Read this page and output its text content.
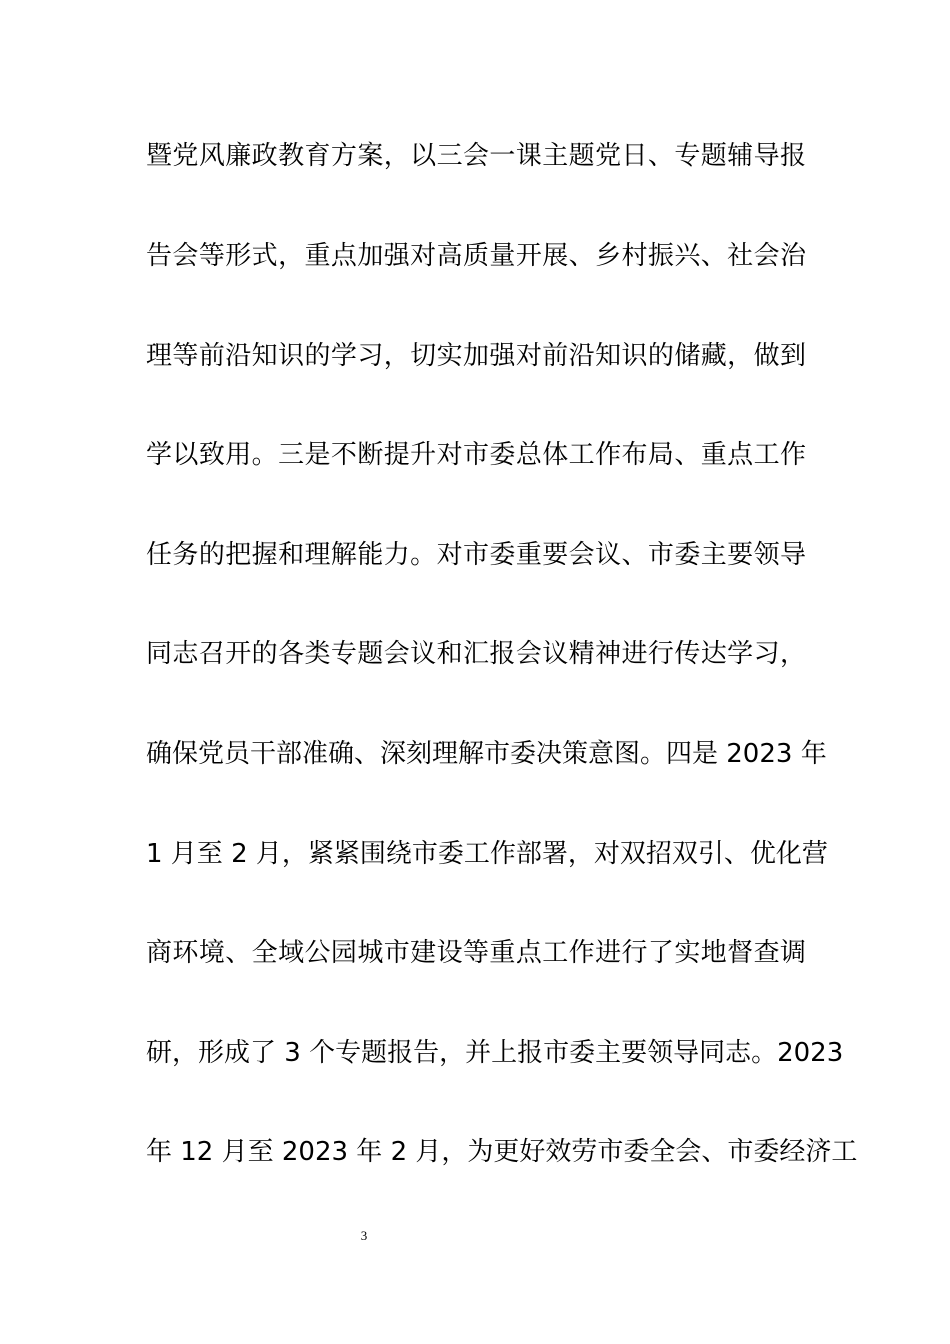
暨党风廉政教育方案，以三会一课主题党日、专题辅导报
告会等形式，重点加强对高质量开展、乡村振兴、社会治
理等前沿知识的学习，切实加强对前沿知识的储藏，做到
学以致用。三是不断提升对市委总体工作布局、重点工作
任务的把握和理解能力。对市委重要会议、市委主要领导
同志召开的各类专题会议和汇报会议精神进行传达学习，
确保党员干部准确、深刻理解市委决策意图。四是 2023 年
1 月至 2 月，紧紧围绕市委工作部署，对双招双引、优化营
商环境、全域公园城市建设等重点工作进行了实地督查调
研，形成了 3 个专题报告，并上报市委主要领导同志。2023
年 12 月至 2023 年 2 月，为更好效劳市委全会、市委经济工
3
